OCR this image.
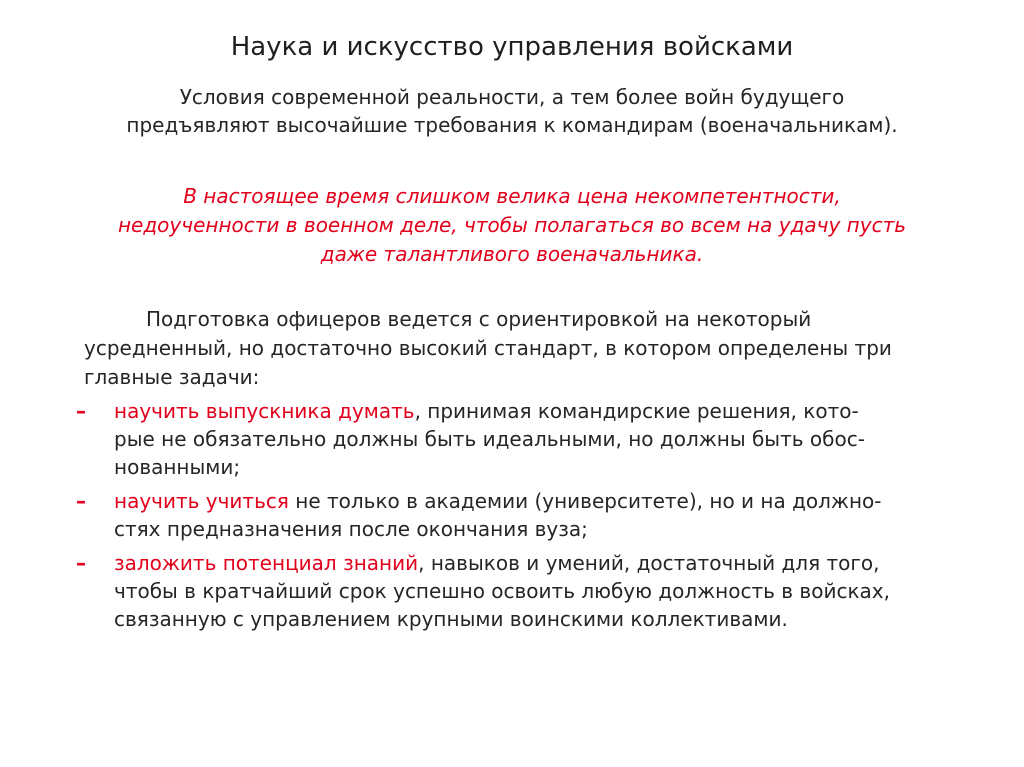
Наука и искусство управления войсками
Условия современной реальности, а тем более войн будущего
предъявляют высочайшие требования к командирам (военачальникам).
В настоящее время слишком велика цена некомпетентности,
недоученности в военном деле, чтобы полагаться во всем на удачу пусть
даже талантливого военачальника.
Подготовка офицеров ведется с ориентировкой на некоторый
усредненный, но достаточно высокий стандарт, в котором определены три
главные задачи:
– научить выпускника думать, принимая командирские решения, кото-
рые не обязательно должны быть идеальными, но должны быть обос-
нованными;
– научить учиться не только в академии (университете), но и на должно-
стях предназначения после окончания вуза;
– заложить потенциал знаний, навыков и умений, достаточный для того,
чтобы в кратчайший срок успешно освоить любую должность в войсках,
связанную с управлением крупными воинскими коллективами.
